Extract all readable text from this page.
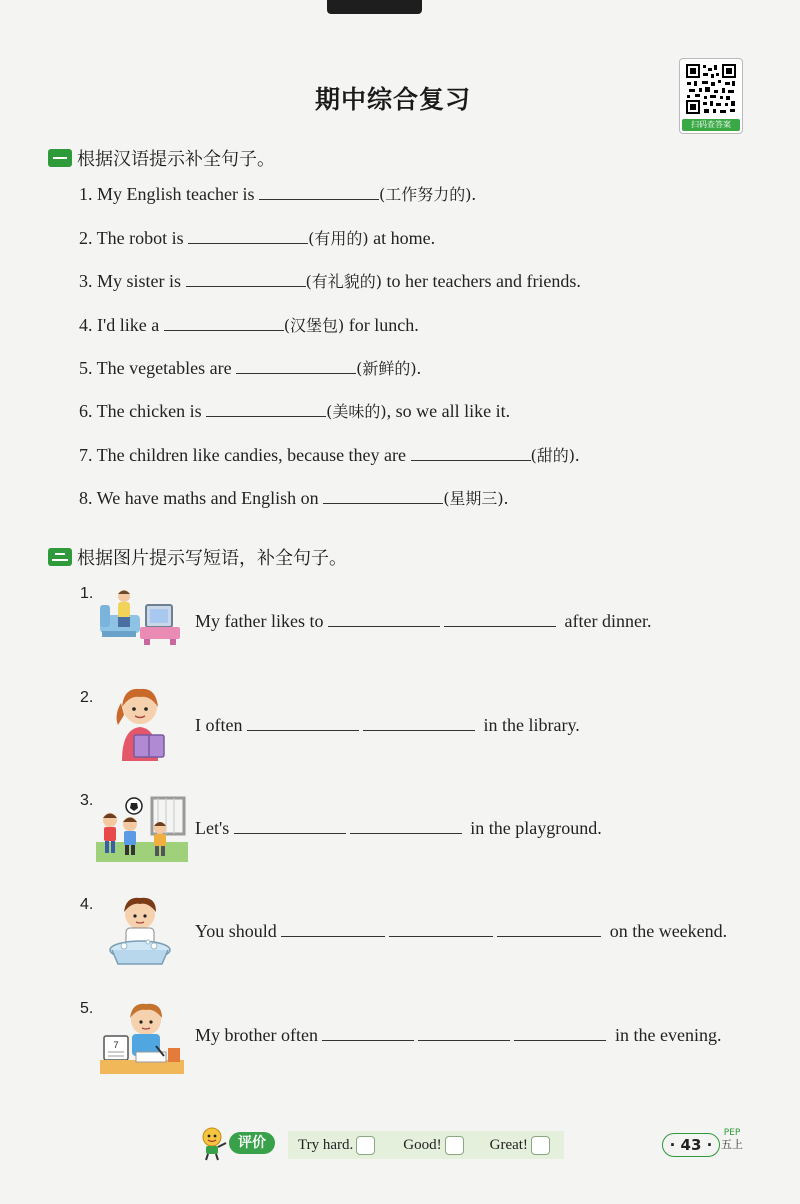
期中综合复习
扫码查答案
根据汉语提示补全句子。
1. My English teacher is	(工作努力的).
2. The robot is	(有用的) at home.
3. My sister is	(有礼貌的) to her teachers and friends.
4. I'd like a	(汉堡包) for lunch.
5. The vegetables are	(新鲜的).
6. The chicken is	(美味的), so we all like it.
7. The children like candies, because they are	(甜的).
8. We have maths and English on	(星期三).
根据图片提示写短语，补全句子。
1.
My father likes to	after dinner.
2.
I often	in the library.
3.
Let's	in the playground.
4.
You should	on the weekend.
5.
7	My brother often	in the evening.
评价	Try hard.	Good!	Great!	· 43 ·
PEP
五上
